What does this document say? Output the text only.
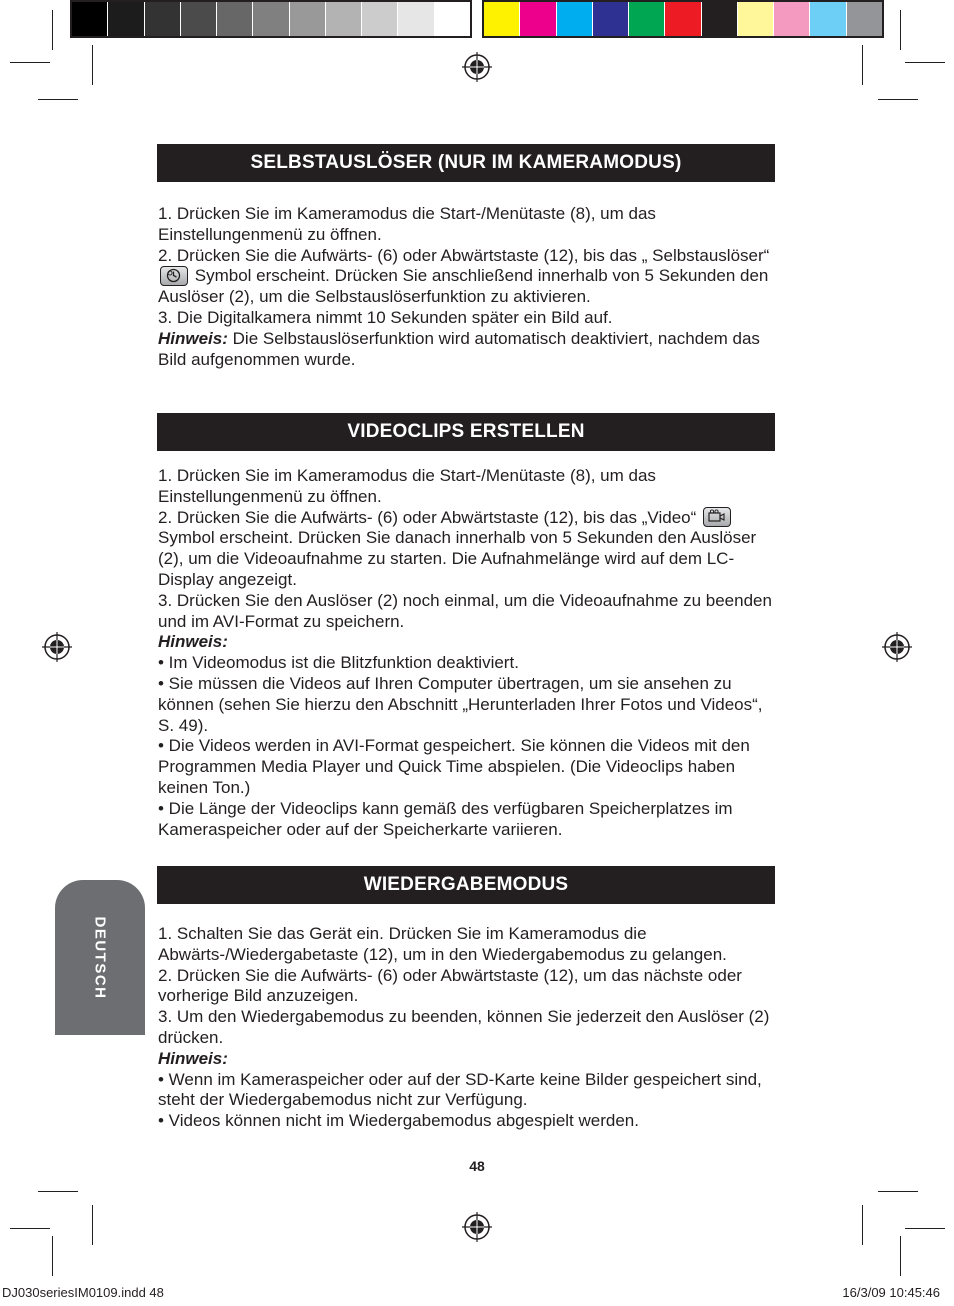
SELBSTAUSLÖSER (NUR IM KAMERAMODUS)

1. Drücken Sie im Kameramodus die Start-/Menütaste (8), um das Einstellungenmenü zu öffnen.

2. Drücken Sie die Aufwärts- (6) oder Abwärtstaste (12), bis das „ Selbstauslöser“
Symbol erscheint. Drücken Sie anschließend innerhalb von 5 Sekunden den Auslöser (2), um die Selbstauslöserfunktion zu aktivieren.

3. Die Digitalkamera nimmt 10 Sekunden später ein Bild auf.

Hinweis: Die Selbstauslöserfunktion wird automatisch deaktiviert, nachdem das Bild aufgenommen wurde.

VIDEOCLIPS ERSTELLEN

1. Drücken Sie im Kameramodus die Start-/Menütaste (8), um das Einstellungenmenü zu öffnen.

2. Drücken Sie die Aufwärts- (6) oder Abwärtstaste (12), bis das „Video“
Symbol erscheint. Drücken Sie danach innerhalb von 5 Sekunden den Auslöser (2), um die Videoaufnahme zu starten. Die Aufnahmelänge wird auf dem LC-Display angezeigt.

3. Drücken Sie den Auslöser (2) noch einmal, um die Videoaufnahme zu beenden und im AVI-Format zu speichern.

Hinweis:

• Im Videomodus ist die Blitzfunktion deaktiviert.

• Sie müssen die Videos auf Ihren Computer übertragen, um sie ansehen zu können (sehen Sie hierzu den Abschnitt „Herunterladen Ihrer Fotos und Videos“, S. 49).

• Die Videos werden in AVI-Format gespeichert. Sie können die Videos mit den Programmen Media Player und Quick Time abspielen. (Die Videoclips haben keinen Ton.)

• Die Länge der Videoclips kann gemäß des verfügbaren Speicherplatzes im Kameraspeicher oder auf der Speicherkarte variieren.

WIEDERGABEMODUS

1. Schalten Sie das Gerät ein. Drücken Sie im Kameramodus die Abwärts-/Wiedergabetaste (12), um in den Wiedergabemodus zu gelangen.

2. Drücken Sie die Aufwärts- (6) oder Abwärtstaste (12), um das nächste oder vorherige Bild anzuzeigen.

3. Um den Wiedergabemodus zu beenden, können Sie jederzeit den Auslöser (2) drücken.

Hinweis:

• Wenn im Kameraspeicher oder auf der SD-Karte keine Bilder gespeichert sind, steht der Wiedergabemodus nicht zur Verfügung.

• Videos können nicht im Wiedergabemodus abgespielt werden.

DEUTSCH
48
DJ030seriesIM0109.indd 48	16/3/09 10:45:46
